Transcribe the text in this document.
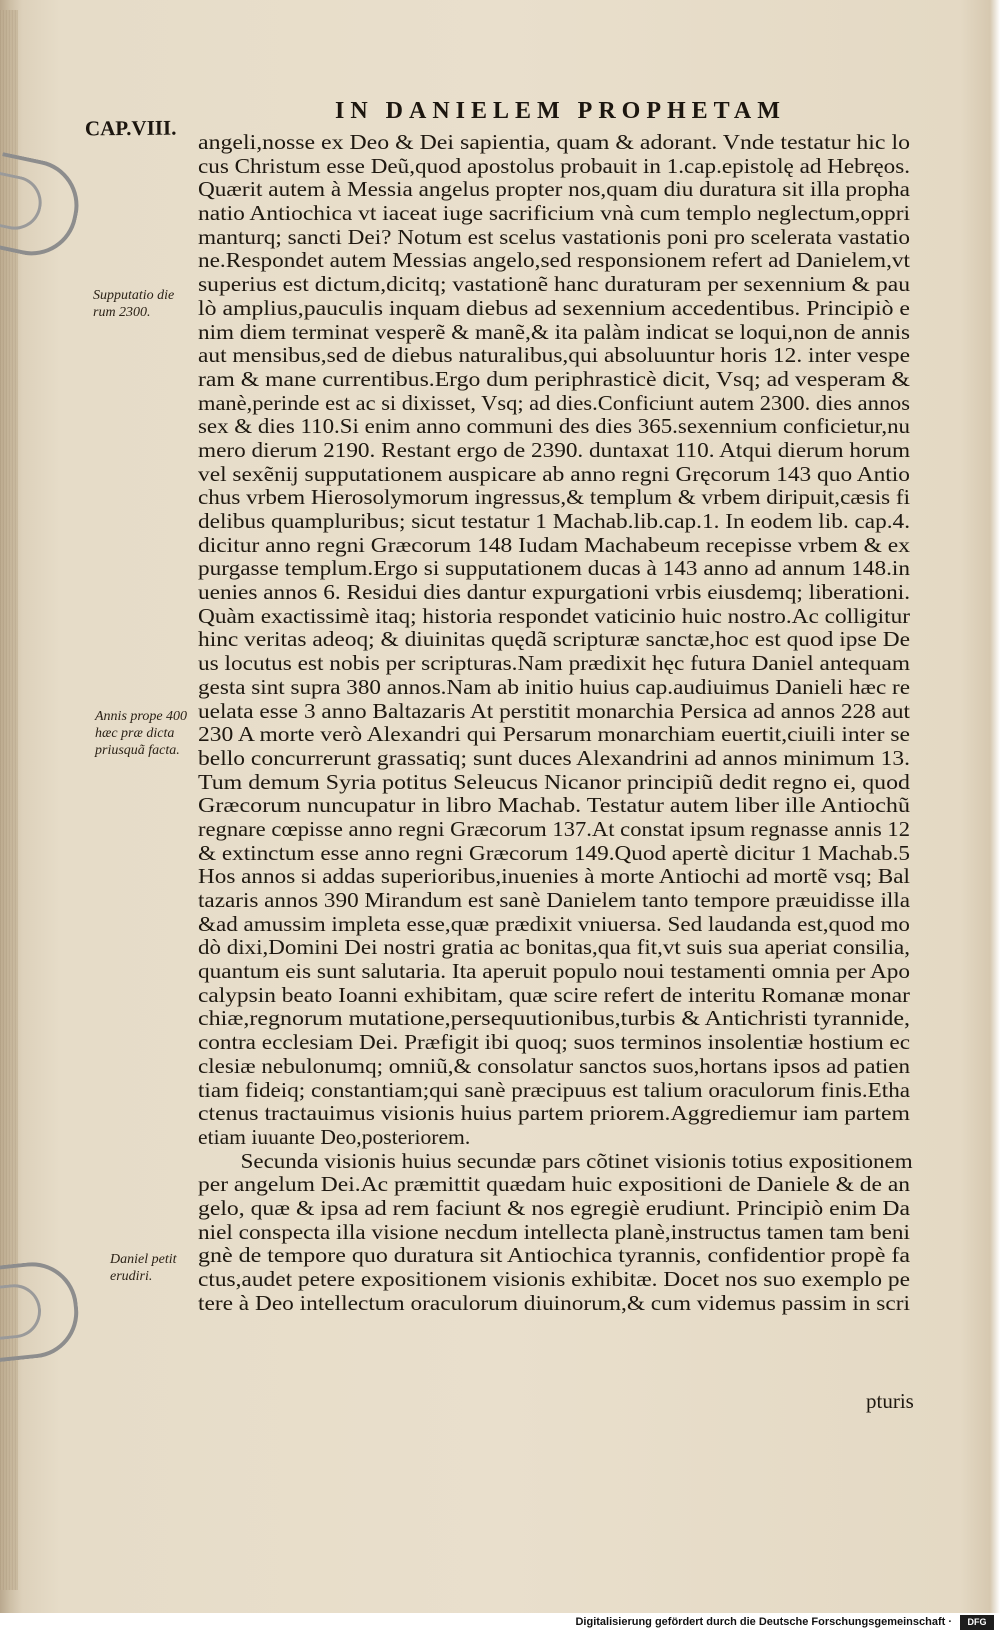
CAP.VIII.
IN DANIELEM PROPHETAM
Supputatio die rum 2300.
Annis prope 400 hæc præ dicta priusquã facta.
Daniel petit erudiri.
angeli,nosse ex Deo & Dei sapientia, quam & adorant. Vnde testatur hic lo
cus Christum esse Deũ,quod apostolus probauit in 1.cap.epistolę ad Hebręos.
Quærit autem à Messia angelus propter nos,quam diu duratura sit illa propha
natio Antiochica vt iaceat iuge sacrificium vnà cum templo neglectum,oppri
manturq; sancti Dei? Notum est scelus vastationis poni pro scelerata vastatio
ne.Respondet autem Messias angelo,sed responsionem refert ad Danielem,vt
superius est dictum,dicitq; vastationẽ hanc duraturam per sexennium & pau
lò amplius,pauculis inquam diebus ad sexennium accedentibus. Principiò e
nim diem terminat vesperẽ & manẽ,& ita palàm indicat se loqui,non de annis
aut mensibus,sed de diebus naturalibus,qui absoluuntur horis 12. inter vespe
ram & mane currentibus.Ergo dum periphrasticè dicit, Vsq; ad vesperam &
manè,perinde est ac si dixisset, Vsq; ad dies.Conficiunt autem 2300. dies annos
sex & dies 110.Si enim anno communi des dies 365.sexennium conficietur,nu
mero dierum 2190. Restant ergo de 2390. duntaxat 110. Atqui dierum horum
vel sexẽnij supputationem auspicare ab anno regni Gręcorum 143 quo Antio
chus vrbem Hierosolymorum ingressus,& templum & vrbem diripuit,cæsis fi
delibus quampluribus; sicut testatur 1 Machab.lib.cap.1. In eodem lib. cap.4.
dicitur anno regni Græcorum 148 Iudam Machabeum recepisse vrbem & ex
purgasse templum.Ergo si supputationem ducas à 143 anno ad annum 148.in
uenies annos 6. Residui dies dantur expurgationi vrbis eiusdemq; liberationi.
Quàm exactissimè itaq; historia respondet vaticinio huic nostro.Ac colligitur
hinc veritas adeoq; & diuinitas quędã scripturæ sanctæ,hoc est quod ipse De
us locutus est nobis per scripturas.Nam prædixit hęc futura Daniel antequam
gesta sint supra 380 annos.Nam ab initio huius cap.audiuimus Danieli hæc re
uelata esse 3 anno Baltazaris At perstitit monarchia Persica ad annos 228 aut
230 A morte verò Alexandri qui Persarum monarchiam euertit,ciuili inter se
bello concurrerunt grassatiq; sunt duces Alexandrini ad annos minimum 13.
Tum demum Syria potitus Seleucus Nicanor principiũ dedit regno ei, quod
Græcorum nuncupatur in libro Machab. Testatur autem liber ille Antiochũ
regnare cœpisse anno regni Græcorum 137.At constat ipsum regnasse annis 12
& extinctum esse anno regni Græcorum 149.Quod apertè dicitur 1 Machab.5
Hos annos si addas superioribus,inuenies à morte Antiochi ad mortẽ vsq; Bal
tazaris annos 390 Mirandum est sanè Danielem tanto tempore præuidisse illa
&ad amussim impleta esse,quæ prædixit vniuersa. Sed laudanda est,quod mo
dò dixi,Domini Dei nostri gratia ac bonitas,qua fit,vt suis sua aperiat consilia,
quantum eis sunt salutaria. Ita aperuit populo noui testamenti omnia per Apo
calypsin beato Ioanni exhibitam, quæ scire refert de interitu Romanæ monar
chiæ,regnorum mutatione,persequutionibus,turbis & Antichristi tyrannide,
contra ecclesiam Dei. Præfigit ibi quoq; suos terminos insolentiæ hostium ec
clesiæ nebulonumq; omniũ,& consolatur sanctos suos,hortans ipsos ad patien
tiam fideiq; constantiam;qui sanè præcipuus est talium oraculorum finis.Etha
ctenus tractauimus visionis huius partem priorem.Aggrediemur iam partem
etiam iuuante Deo,posteriorem.
Secunda visionis huius secundæ pars cõtinet visionis totius expositionem
per angelum Dei.Ac præmittit quædam huic expositioni de Daniele & de an
gelo, quæ & ipsa ad rem faciunt & nos egregiè erudiunt. Principiò enim Da
niel conspecta illa visione necdum intellecta planè,instructus tamen tam beni
gnè de tempore quo duratura sit Antiochica tyrannis, confidentior propè fa
ctus,audet petere expositionem visionis exhibitæ. Docet nos suo exemplo pe
tere à Deo intellectum oraculorum diuinorum,& cum videmus passim in scri
pturis
Digitalisierung gefördert durch die Deutsche Forschungsgemeinschaft ·	DFG
